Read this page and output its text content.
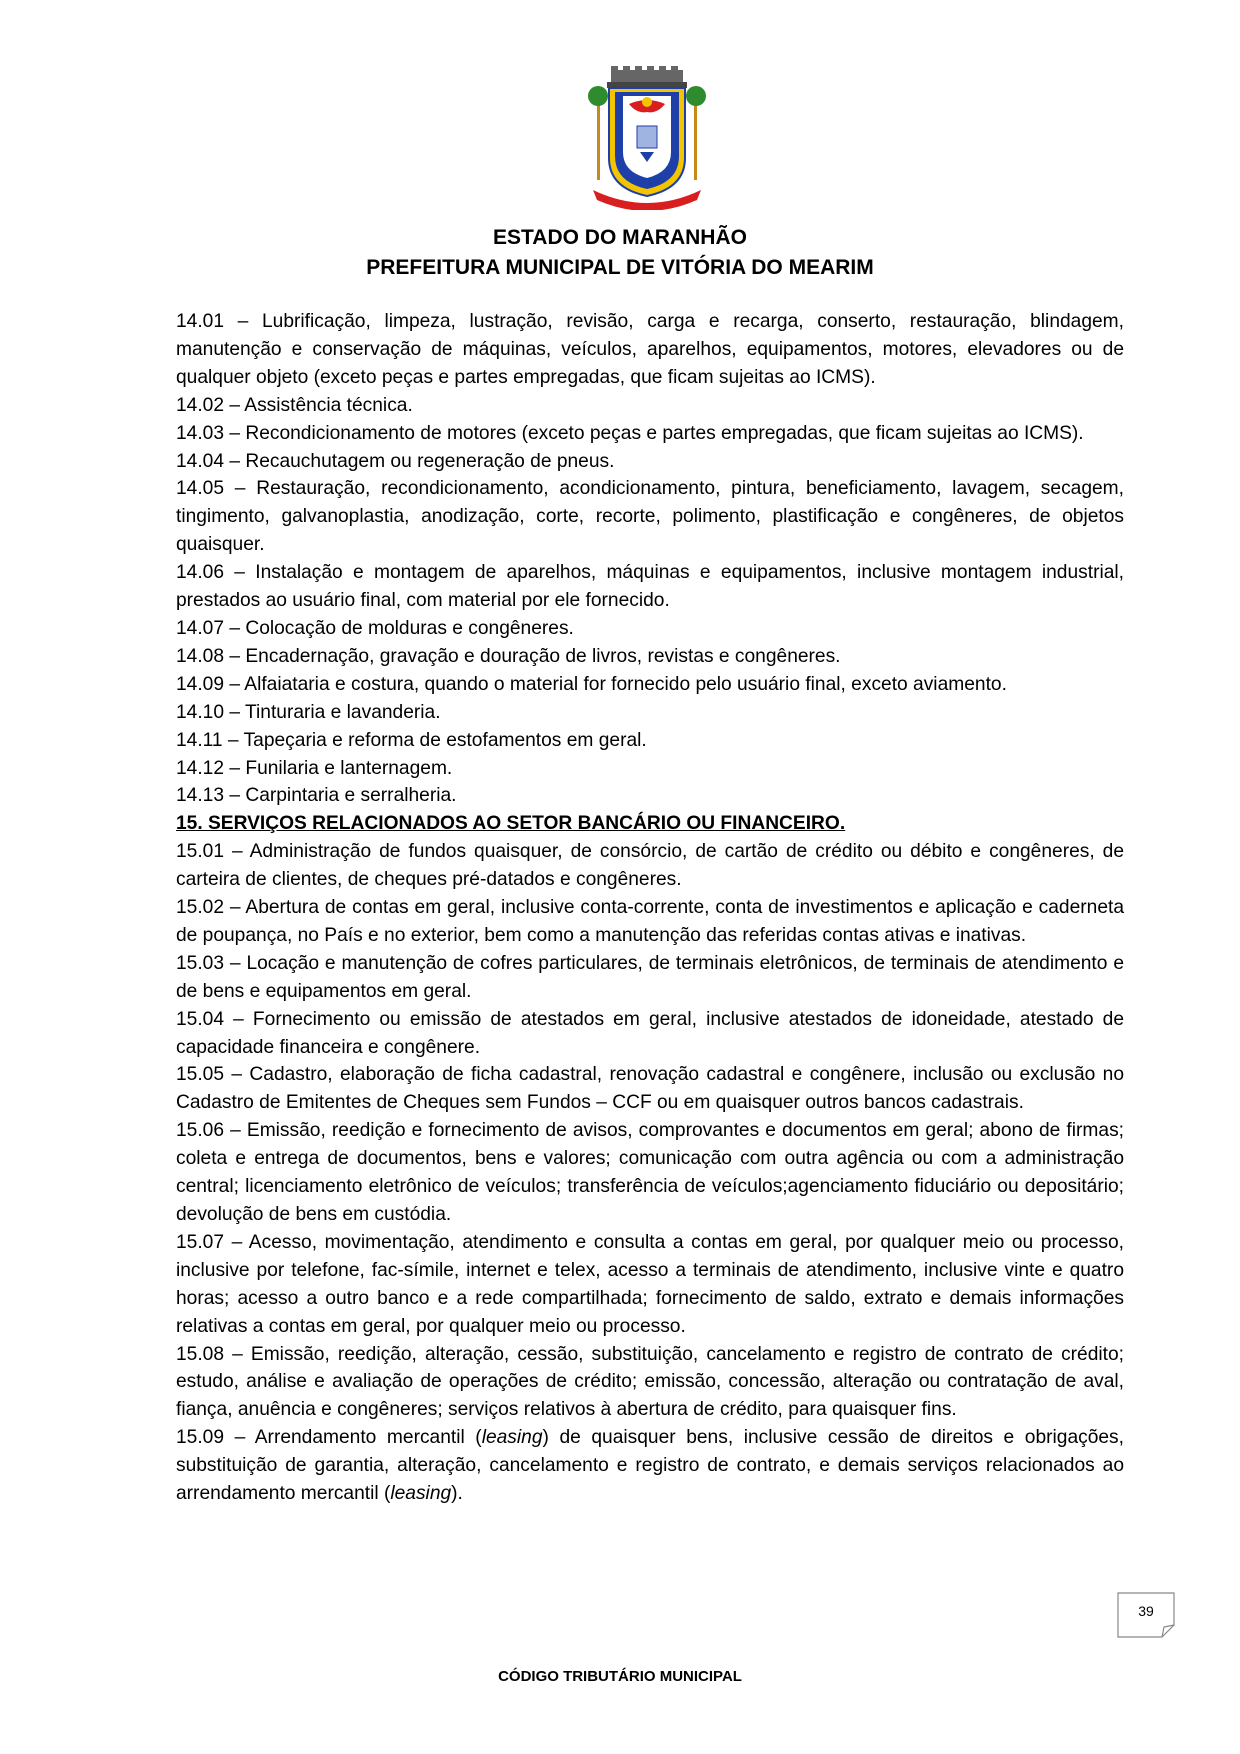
ESTADO DO MARANHÃO
PREFEITURA MUNICIPAL DE VITÓRIA DO MEARIM

14.01 – Lubrificação, limpeza, lustração, revisão, carga e recarga, conserto, restauração, blindagem, manutenção e conservação de máquinas, veículos, aparelhos, equipamentos, motores, elevadores ou de qualquer objeto (exceto peças e partes empregadas, que ficam sujeitas ao ICMS).

14.02 – Assistência técnica.

14.03 – Recondicionamento de motores (exceto peças e partes empregadas, que ficam sujeitas ao ICMS).

14.04 – Recauchutagem ou regeneração de pneus.

14.05 – Restauração, recondicionamento, acondicionamento, pintura, beneficiamento, lavagem, secagem, tingimento, galvanoplastia, anodização, corte, recorte, polimento, plastificação e congêneres, de objetos quaisquer.

14.06 – Instalação e montagem de aparelhos, máquinas e equipamentos, inclusive montagem industrial, prestados ao usuário final, com material por ele fornecido.

14.07 – Colocação de molduras e congêneres.

14.08 – Encadernação, gravação e douração de livros, revistas e congêneres.

14.09 – Alfaiataria e costura, quando o material for fornecido pelo usuário final, exceto aviamento.

14.10 – Tinturaria e lavanderia.

14.11 – Tapeçaria e reforma de estofamentos em geral.

14.12 – Funilaria e lanternagem.

14.13 – Carpintaria e serralheria.

15. SERVIÇOS RELACIONADOS AO SETOR BANCÁRIO OU FINANCEIRO.

15.01 – Administração de fundos quaisquer, de consórcio, de cartão de crédito ou débito e congêneres, de carteira de clientes, de cheques pré-datados e congêneres.

15.02 – Abertura de contas em geral, inclusive conta-corrente, conta de investimentos e aplicação e caderneta de poupança, no País e no exterior, bem como a manutenção das referidas contas ativas e inativas.

15.03 – Locação e manutenção de cofres particulares, de terminais eletrônicos, de terminais de atendimento e de bens e equipamentos em geral.

15.04 – Fornecimento ou emissão de atestados em geral, inclusive atestados de idoneidade, atestado de capacidade financeira e congênere.

15.05 – Cadastro, elaboração de ficha cadastral, renovação cadastral e congênere, inclusão ou exclusão no Cadastro de Emitentes de Cheques sem Fundos – CCF ou em quaisquer outros bancos cadastrais.

15.06 – Emissão, reedição e fornecimento de avisos, comprovantes e documentos em geral; abono de firmas; coleta e entrega de documentos, bens e valores; comunicação com outra agência ou com a administração central; licenciamento eletrônico de veículos; transferência de veículos;agenciamento fiduciário ou depositário; devolução de bens em custódia.

15.07 – Acesso, movimentação, atendimento e consulta a contas em geral, por qualquer meio ou processo, inclusive por telefone, fac-símile, internet e telex, acesso a terminais de atendimento, inclusive vinte e quatro horas; acesso a outro banco e a rede compartilhada; fornecimento de saldo, extrato e demais informações relativas a contas em geral, por qualquer meio ou processo.

15.08 – Emissão, reedição, alteração, cessão, substituição, cancelamento e registro de contrato de crédito; estudo, análise e avaliação de operações de crédito; emissão, concessão, alteração ou contratação de aval, fiança, anuência e congêneres; serviços relativos à abertura de crédito, para quaisquer fins.

15.09 – Arrendamento mercantil (leasing) de quaisquer bens, inclusive cessão de direitos e obrigações, substituição de garantia, alteração, cancelamento e registro de contrato, e demais serviços relacionados ao arrendamento mercantil (leasing).

39
CÓDIGO TRIBUTÁRIO MUNICIPAL
